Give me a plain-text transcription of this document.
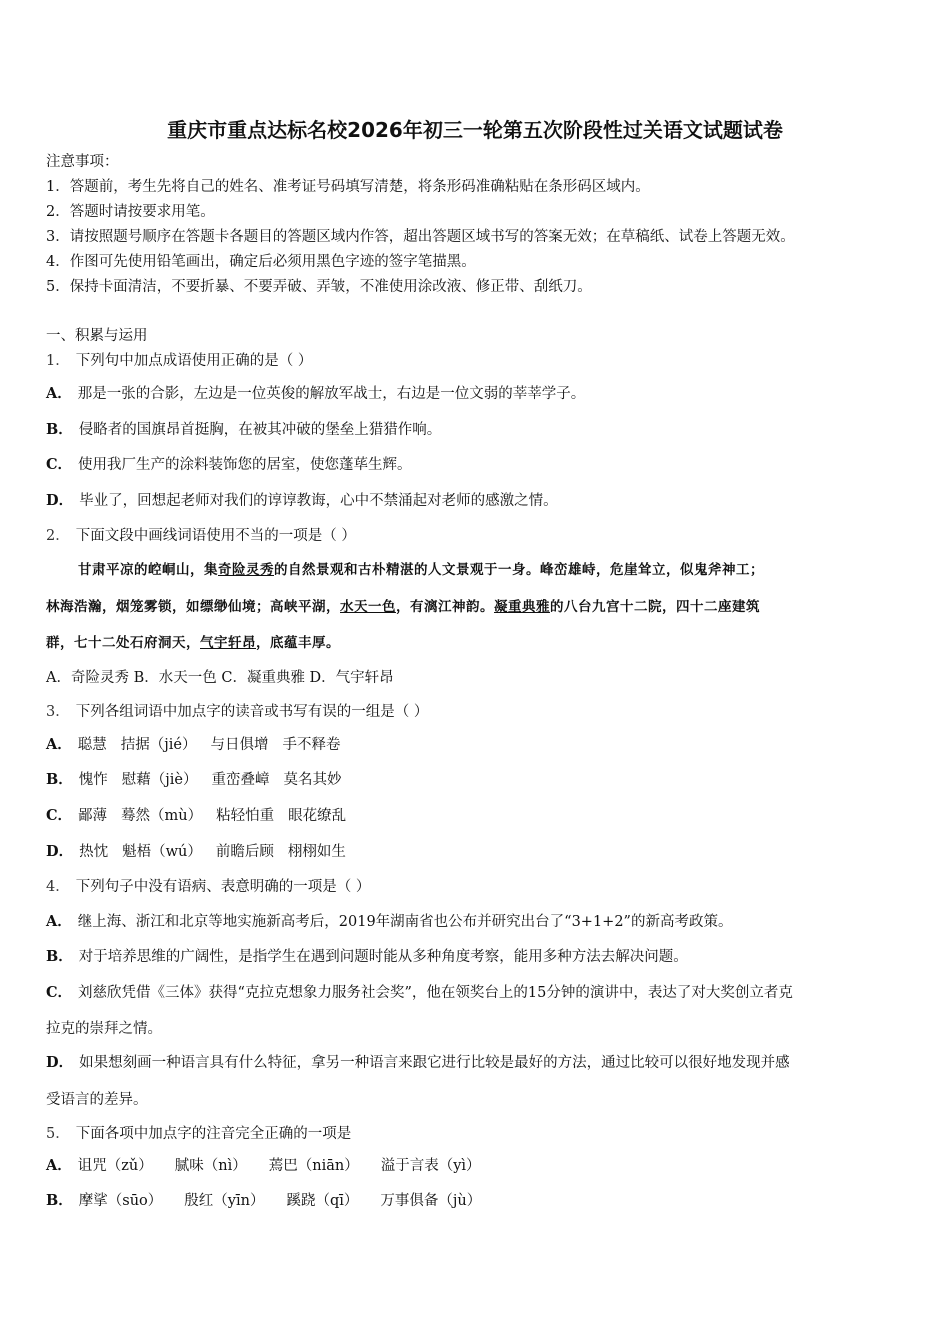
重庆市重点达标名校2026年初三一轮第五次阶段性过关语文试题试卷
注意事项：
1．答题前，考生先将自己的姓名、准考证号码填写清楚，将条形码准确粘贴在条形码区域内。
2．答题时请按要求用笔。
3．请按照题号顺序在答题卡各题目的答题区域内作答，超出答题区域书写的答案无效；在草稿纸、试卷上答题无效。
4．作图可先使用铅笔画出，确定后必须用黑色字迹的签字笔描黑。
5．保持卡面清洁，不要折暴、不要弄破、弄皱，不准使用涂改液、修正带、刮纸刀。
一、积累与运用
1． 下列句中加点成语使用正确的是（ ）
A． 那是一张的合影，左边是一位英俊的解放军战士，右边是一位文弱的莘莘学子。
B． 侵略者的国旗昂首挺胸，在被其冲破的堡垒上猎猎作响。
C． 使用我厂生产的涂料装饰您的居室，使您蓬荜生辉。
D． 毕业了，回想起老师对我们的谆谆教诲，心中不禁涌起对老师的感激之情。
2． 下面文段中画线词语使用不当的一项是（ ）
甘肃平凉的崆峒山，集奇险灵秀的自然景观和古朴精湛的人文景观于一身。峰峦雄峙，危崖耸立，似鬼斧神工；
林海浩瀚，烟笼雾锁，如缥缈仙境；高峡平湖，水天一色，有漓江神韵。凝重典雅的八台九宫十二院，四十二座建筑
群，七十二处石府洞天，气宇轩昂，底蕴丰厚。
A．奇险灵秀 B．水天一色 C．凝重典雅 D．气宇轩昂
3． 下列各组词语中加点字的读音或书写有误的一组是（ ）
A． 聪慧 拮据（jié） 与日俱增 手不释卷
B． 愧怍 慰藉（jiè） 重峦叠嶂 莫名其妙
C． 鄙薄 蓦然（mù） 粘轻怕重 眼花缭乱
D． 热忱 魁梧（wú） 前瞻后顾 栩栩如生
4． 下列句子中没有语病、表意明确的一项是（ ）
A． 继上海、浙江和北京等地实施新高考后，2019年湖南省也公布并研究出台了“3+1+2”的新高考政策。
B． 对于培养思维的广阔性，是指学生在遇到问题时能从多种角度考察，能用多种方法去解决问题。
C． 刘慈欣凭借《三体》获得“克拉克想象力服务社会奖”，他在领奖台上的15分钟的演讲中，表达了对大奖创立者克
拉克的崇拜之情。
D． 如果想刻画一种语言具有什么特征，拿另一种语言来跟它进行比较是最好的方法，通过比较可以很好地发现并感
受语言的差异。
5． 下面各项中加点字的注音完全正确的一项是
A． 诅咒（zǔ） 腻味（nì） 蔫巴（niān） 溢于言表（yì）
B． 摩挲（sūo） 殷红（yīn） 蹊跷（qī） 万事俱备（jù）
